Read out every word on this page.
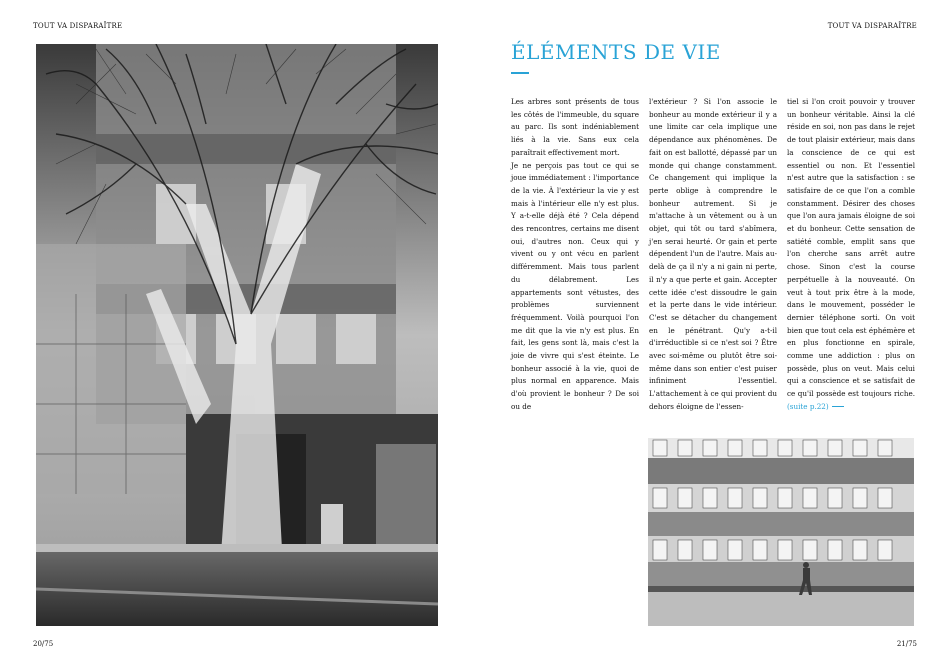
TOUT VA DISPARAÎTRE	TOUT VA DISPARAÎTRE
ÉLÉMENTS DE VIE

Les arbres sont présents de tous les côtés de l'immeuble, du square au parc. Ils sont indéniablement liés à la vie. Sans eux cela paraîtrait effectivement mort.

Je ne perçois pas tout ce qui se joue immédiatement : l'importance de la vie. À l'extérieur la vie y est mais à l'intérieur elle n'y est plus. Y a-t-elle déjà été ? Cela dépend des rencontres, certains me disent oui, d'autres non. Ceux qui y vivent ou y ont vécu en parlent différemment. Mais tous parlent du délabrement. Les appartements sont vétustes, des problèmes surviennent fréquemment. Voilà pourquoi l'on me dit que la vie n'y est plus. En fait, les gens sont là, mais c'est la joie de vivre qui s'est éteinte. Le bonheur associé à la vie, quoi de plus normal en apparence. Mais d'où provient le bonheur ? De soi ou de

l'extérieur ? Si l'on associe le bonheur au monde extérieur il y a une limite car cela implique une dépendance aux phénomènes. De fait on est ballotté, dépassé par un monde qui change constamment. Ce changement qui implique la perte oblige à comprendre le bonheur autrement. Si je m'attache à un vêtement ou à un objet, qui tôt ou tard s'abîmera, j'en serai heurté. Or gain et perte dépendent l'un de l'autre. Mais au-delà de ça il n'y a ni gain ni perte, il n'y a que perte et gain. Accepter cette idée c'est dissoudre le gain et la perte dans le vide intérieur. C'est se détacher du changement en le pénétrant. Qu'y a-t-il d'irréductible si ce n'est soi ? Être avec soi-même ou plutôt être soi-même dans son entier c'est puiser infiniment l'essentiel. L'attachement à ce qui provient du dehors éloigne de l'essen-

tiel si l'on croit pouvoir y trouver un bonheur véritable. Ainsi la clé réside en soi, non pas dans le rejet de tout plaisir extérieur, mais dans la conscience de ce qui est essentiel ou non. Et l'essentiel n'est autre que la satisfaction : se satisfaire de ce que l'on a comble constamment. Désirer des choses que l'on aura jamais éloigne de soi et du bonheur. Cette sensation de satiété comble, emplit sans que l'on cherche sans arrêt autre chose. Sinon c'est la course perpétuelle à la nouveauté. On veut à tout prix être à la mode, dans le mouvement, posséder le dernier téléphone sorti. On voit bien que tout cela est éphémère et en plus fonctionne en spirale, comme une addiction : plus on possède, plus on veut. Mais celui qui a conscience et se satisfait de ce qu'il possède est toujours riche. (suite p.22)

20/75	21/75
